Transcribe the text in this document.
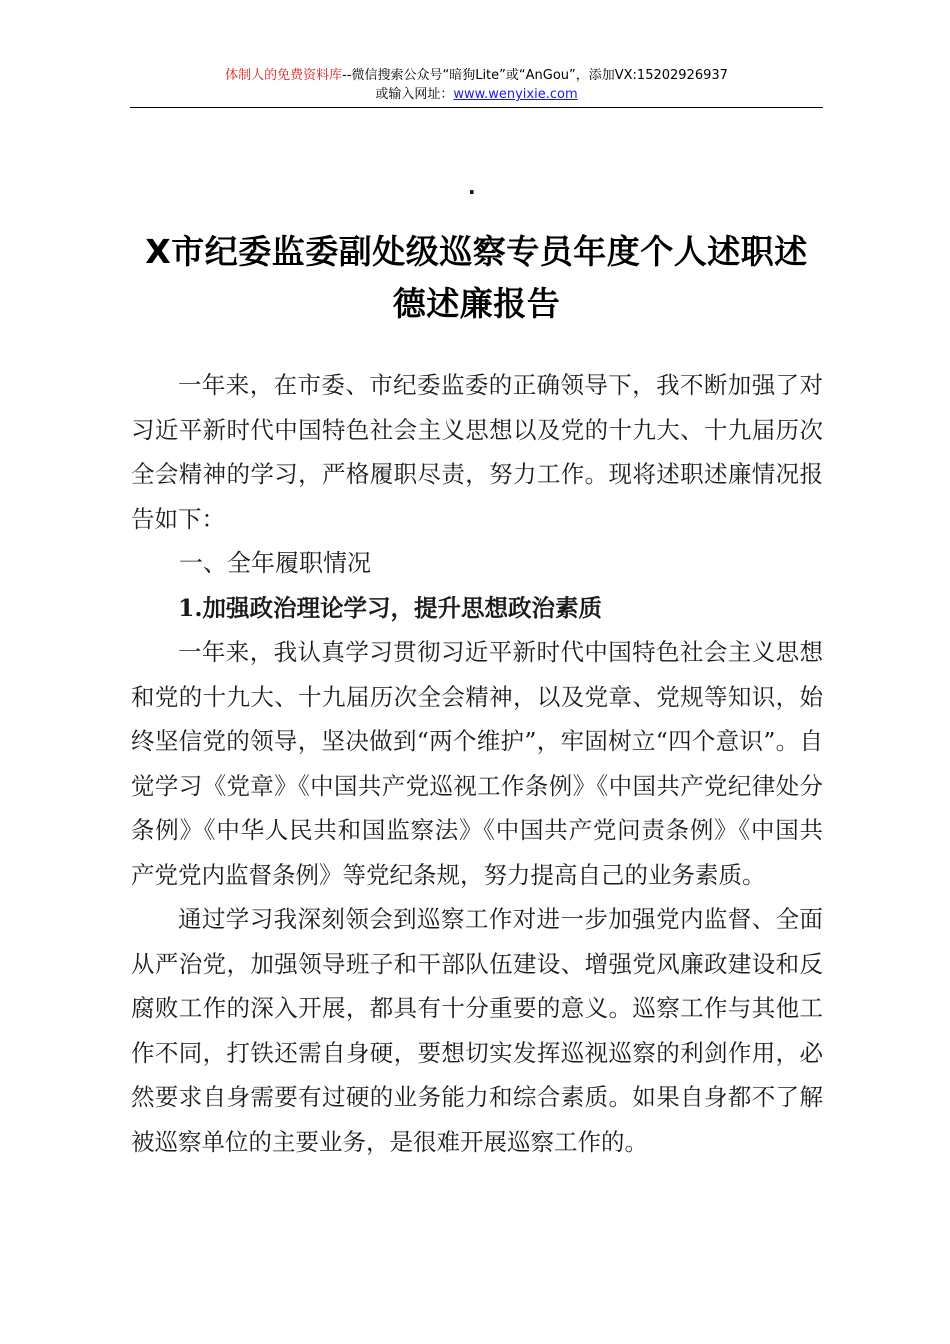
体制人的免费资料库--微信搜索公众号“暗狗Lite”或“AnGou”，添加VX:15202926937
或输入网址：www.wenyixie.com
·
X市纪委监委副处级巡察专员年度个人述职述
德述廉报告

一年来，在市委、市纪委监委的正确领导下，我不断加强了对习近平新时代中国特色社会主义思想以及党的十九大、十九届历次全会精神的学习，严格履职尽责，努力工作。现将述职述廉情况报告如下：

一、全年履职情况

1.加强政治理论学习，提升思想政治素质

一年来，我认真学习贯彻习近平新时代中国特色社会主义思想和党的十九大、十九届历次全会精神，以及党章、党规等知识，始终坚信党的领导，坚决做到“两个维护”，牢固树立“四个意识”。自觉学习《党章》《中国共产党巡视工作条例》《中国共产党纪律处分条例》《中华人民共和国监察法》《中国共产党问责条例》《中国共产党党内监督条例》等党纪条规，努力提高自己的业务素质。

通过学习我深刻领会到巡察工作对进一步加强党内监督、全面从严治党，加强领导班子和干部队伍建设、增强党风廉政建设和反腐败工作的深入开展，都具有十分重要的意义。巡察工作与其他工作不同，打铁还需自身硬，要想切实发挥巡视巡察的利剑作用，必然要求自身需要有过硬的业务能力和综合素质。如果自身都不了解被巡察单位的主要业务，是很难开展巡察工作的。
